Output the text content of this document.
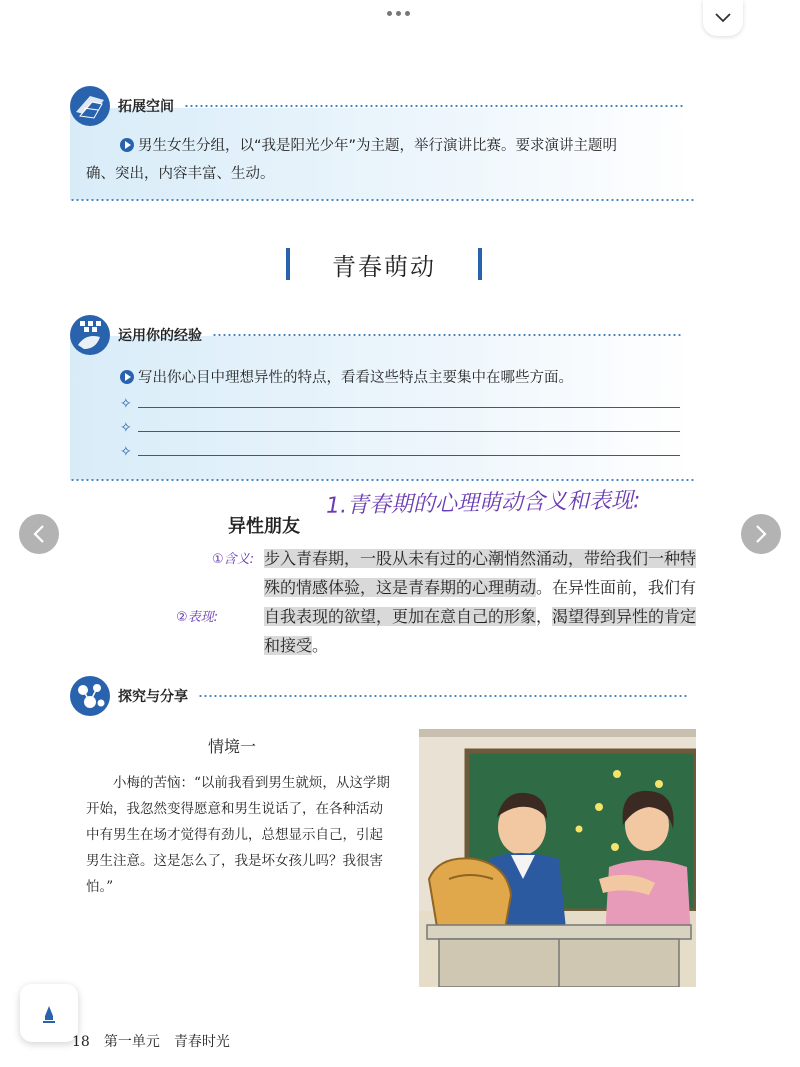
拓展空间
男生女生分组，以“我是阳光少年”为主题，举行演讲比赛。要求演讲主题明
确、突出，内容丰富、生动。
青春萌动
运用你的经验
写出你心目中理想异性的特点，看看这些特点主要集中在哪些方面。
✧
✧
✧
1.青春期的心理萌动含义和表现:
①含义:
②表现:
异性朋友
步入青春期，一股从未有过的心潮悄然涌动，带给我们一种特殊的情感体验，这是青春期的心理萌动。在异性面前，我们有自我表现的欲望，更加在意自己的形象，渴望得到异性的肯定和接受。
探究与分享
情境一
小梅的苦恼：“以前我看到男生就烦，从这学期开始，我忽然变得愿意和男生说话了，在各种活动中有男生在场才觉得有劲儿，总想显示自己，引起男生注意。这是怎么了，我是坏女孩儿吗？我很害怕。”
18 第一单元　青春时光
